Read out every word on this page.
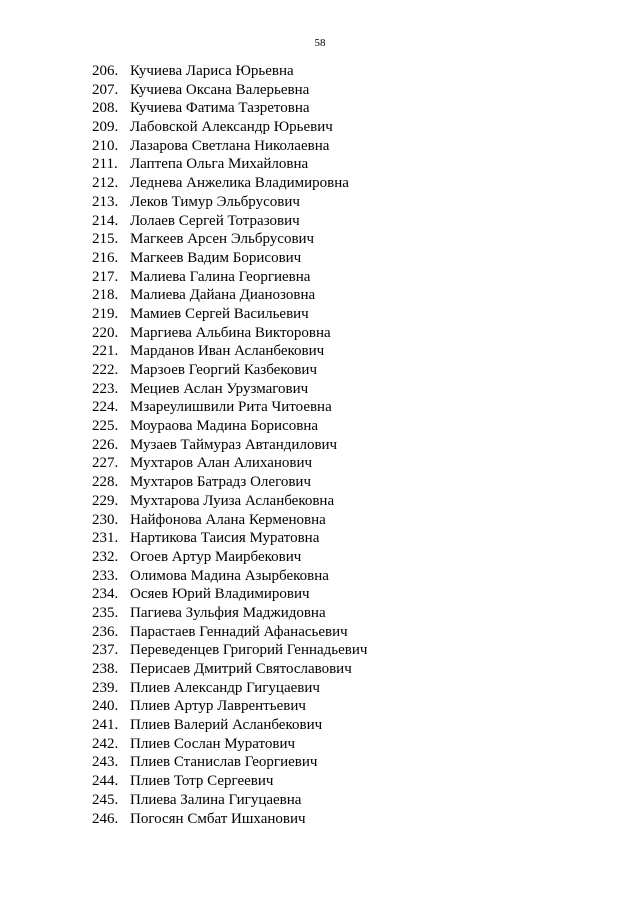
58
206. Кучиева Лариса Юрьевна
207. Кучиева Оксана Валерьевна
208. Кучиева Фатима Тазретовна
209. Лабовской Александр Юрьевич
210. Лазарова Светлана Николаевна
211. Лаптепа Ольга Михайловна
212. Леднева Анжелика Владимировна
213. Леков Тимур Эльбрусович
214. Лолаев Сергей Тотразович
215. Магкеев Арсен Эльбрусович
216. Магкеев Вадим Борисович
217. Малиева Галина Георгиевна
218. Малиева Дайана Дианозовна
219. Мамиев Сергей Васильевич
220. Маргиева Альбина Викторовна
221. Марданов Иван Асланбекович
222. Марзоев Георгий Казбекович
223. Мециев Аслан Урузмагович
224. Мзареулишвили Рита Читоевна
225. Моураова Мадина Борисовна
226. Музаев Таймураз Автандилович
227. Мухтаров Алан Алиханович
228. Мухтаров Батрадз Олегович
229. Мухтарова Луиза Асланбековна
230. Найфонова Алана Керменовна
231. Нартикова Таисия Муратовна
232. Огоев Артур Маирбекович
233. Олимова Мадина Азырбековна
234. Осяев Юрий Владимирович
235. Пагиева Зульфия Маджидовна
236. Парастаев Геннадий Афанасьевич
237. Переведенцев Григорий Геннадьевич
238. Перисаев Дмитрий Святославович
239. Плиев Александр Гигуцаевич
240. Плиев Артур Лаврентьевич
241. Плиев Валерий Асланбекович
242. Плиев Сослан Муратович
243. Плиев Станислав Георгиевич
244. Плиев Тотр Сергеевич
245. Плиева Залина Гигуцаевна
246. Погосян Смбат Ишханович
